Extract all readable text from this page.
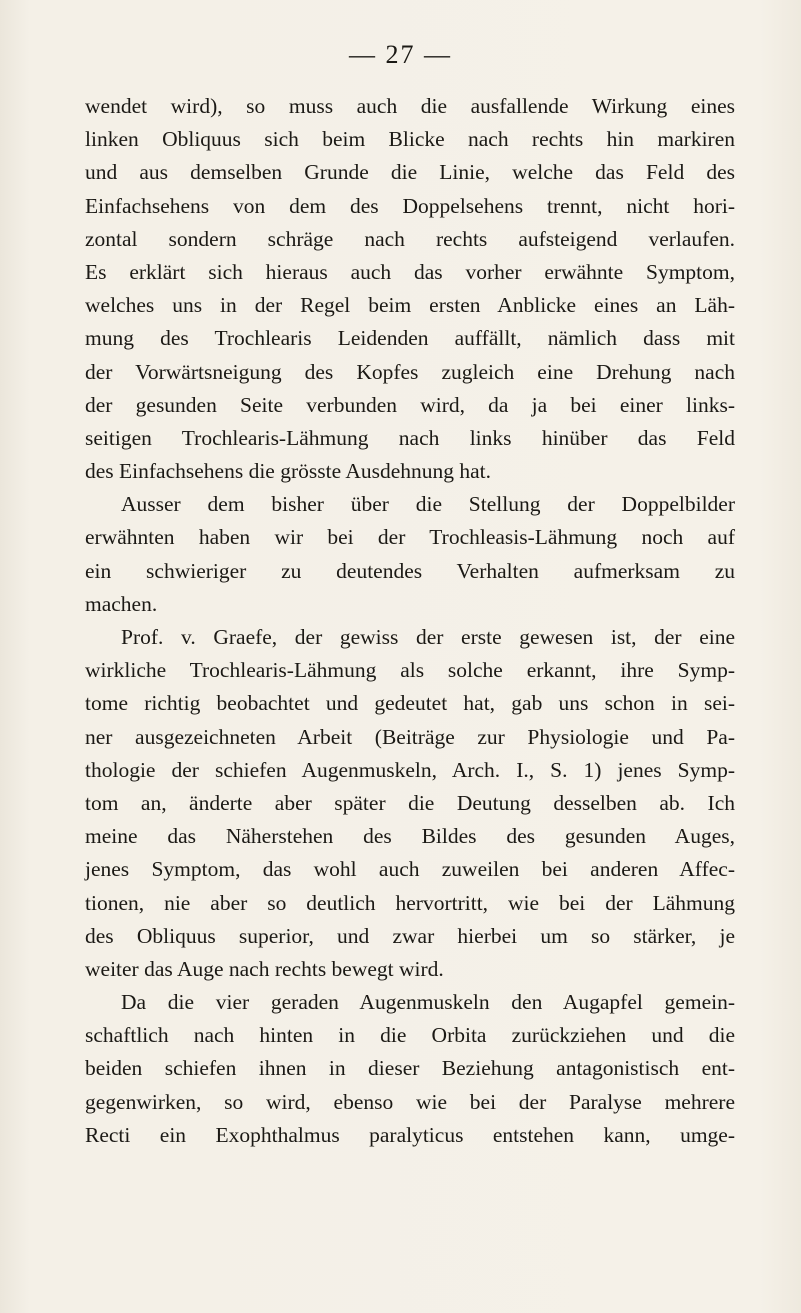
— 27 —
wendet wird), so muss auch die ausfallende Wirkung eines
linken Obliquus sich beim Blicke nach rechts hin markiren
und aus demselben Grunde die Linie, welche das Feld des
Einfachsehens von dem des Doppelsehens trennt, nicht hori-
zontal sondern schräge nach rechts aufsteigend verlaufen.
Es erklärt sich hieraus auch das vorher erwähnte Symptom,
welches uns in der Regel beim ersten Anblicke eines an Läh-
mung des Trochlearis Leidenden auffällt, nämlich dass mit
der Vorwärtsneigung des Kopfes zugleich eine Drehung nach
der gesunden Seite verbunden wird, da ja bei einer links-
seitigen Trochlearis-Lähmung nach links hinüber das Feld
des Einfachsehens die grösste Ausdehnung hat.
Ausser dem bisher über die Stellung der Doppelbilder
erwähnten haben wir bei der Trochleasis-Lähmung noch auf
ein schwieriger zu deutendes Verhalten aufmerksam zu
machen.
Prof. v. Graefe, der gewiss der erste gewesen ist, der eine
wirkliche Trochlearis-Lähmung als solche erkannt, ihre Symp-
tome richtig beobachtet und gedeutet hat, gab uns schon in sei-
ner ausgezeichneten Arbeit (Beiträge zur Physiologie und Pa-
thologie der schiefen Augenmuskeln, Arch. I., S. 1) jenes Symp-
tom an, änderte aber später die Deutung desselben ab. Ich
meine das Näherstehen des Bildes des gesunden Auges,
jenes Symptom, das wohl auch zuweilen bei anderen Affec-
tionen, nie aber so deutlich hervortritt, wie bei der Lähmung
des Obliquus superior, und zwar hierbei um so stärker, je
weiter das Auge nach rechts bewegt wird.
Da die vier geraden Augenmuskeln den Augapfel gemein-
schaftlich nach hinten in die Orbita zurückziehen und die
beiden schiefen ihnen in dieser Beziehung antagonistisch ent-
gegenwirken, so wird, ebenso wie bei der Paralyse mehrere
Recti ein Exophthalmus paralyticus entstehen kann, umge-
